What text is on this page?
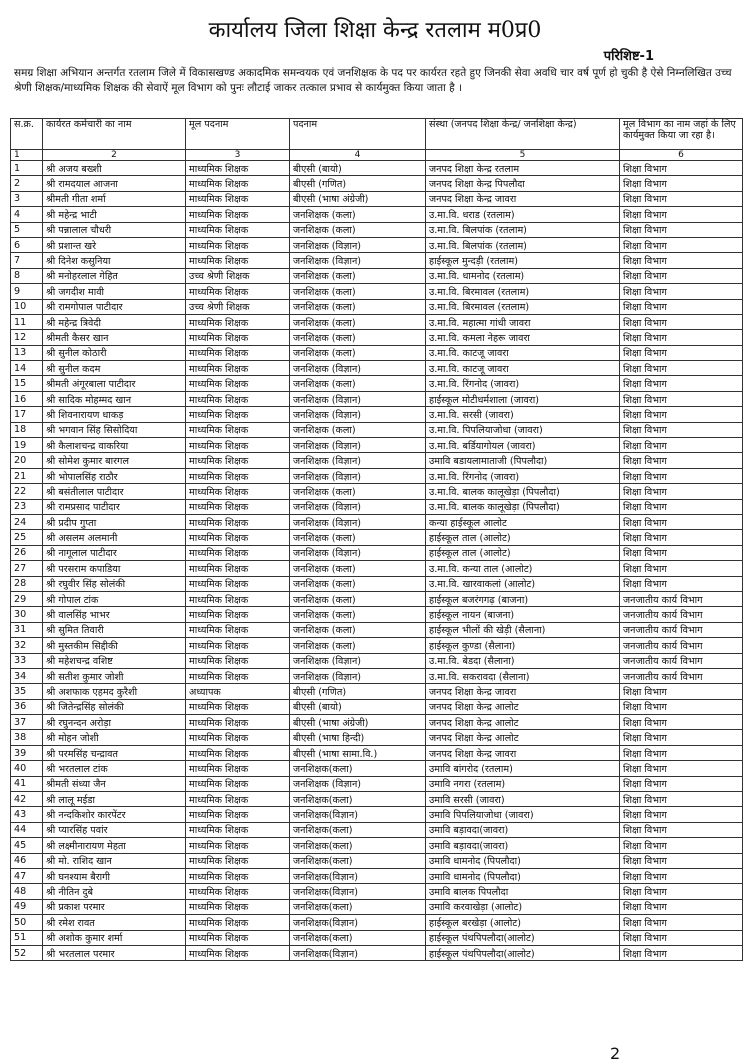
कार्यालय जिला शिक्षा केन्द्र रतलाम म0प्र0
परिशिष्ट-1
समग्र शिक्षा अभियान अन्तर्गत रतलाम जिले में विकासखण्ड अकादमिक समन्वयक एवं जनशिक्षक के पद पर कार्यरत रहते हुए जिनकी सेवा अवधि चार वर्ष पूर्ण हो चुकी है ऐसे निम्नलिखित उच्च श्रेणी शिक्षक/माध्यमिक शिक्षक की सेवाऐं मूल विभाग को पुनः लौटाई जाकर तत्काल प्रभाव से कार्यमुक्त किया जाता है ।
स.क्र.	कार्यरत कर्मचारी का नाम	मूल पदनाम	पदनाम	संस्था (जनपद शिक्षा केन्द्र/ जनशिक्षा केन्द्र)	मूल विभाग का नाम जहां के लिए कार्यमुक्त किया जा रहा है।
1	2	3	4	5	6
1	श्री अजय बख्शी	माध्यमिक शिक्षक	बीएसी (बायो)	जनपद शिक्षा केन्द्र रतलाम	शिक्षा विभाग
2	श्री रामदयाल आजना	माध्यमिक शिक्षक	बीएसी (गणित)	जनपद शिक्षा केन्द्र पिपलौदा	शिक्षा विभाग
3	श्रीमती गीता शर्मा	माध्यमिक शिक्षक	बीएसी (भाषा अंग्रेजी)	जनपद शिक्षा केन्द्र जावरा	शिक्षा विभाग
4	श्री महेन्द्र भाटी	माध्यमिक शिक्षक	जनशिक्षक (कला)	उ.मा.वि. धराड (रतलाम)	शिक्षा विभाग
5	श्री पन्नालाल चौधरी	माध्यमिक शिक्षक	जनशिक्षक (कला)	उ.मा.वि. बिलपांक (रतलाम)	शिक्षा विभाग
6	श्री प्रशान्त खरे	माध्यमिक शिक्षक	जनशिक्षक (विज्ञान)	उ.मा.वि. बिलपांक (रतलाम)	शिक्षा विभाग
7	श्री दिनेश कसुनिया	माध्यमिक शिक्षक	जनशिक्षक (विज्ञान)	हाईस्कूल मुन्दड़ी (रतलाम)	शिक्षा विभाग
8	श्री मनोहरलाल गेहित	उच्च श्रेणी शिक्षक	जनशिक्षक (कला)	उ.मा.वि. धामनोद (रतलाम)	शिक्षा विभाग
9	श्री जगदीश मावी	माध्यमिक शिक्षक	जनशिक्षक (कला)	उ.मा.वि. बिरमावल (रतलाम)	शिक्षा विभाग
10	श्री रामगोपाल पाटीदार	उच्च श्रेणी शिक्षक	जनशिक्षक (कला)	उ.मा.वि. बिरमावल (रतलाम)	शिक्षा विभाग
11	श्री महेन्द्र त्रिवेदी	माध्यमिक शिक्षक	जनशिक्षक (कला)	उ.मा.वि. महात्मा गांधी जावरा	शिक्षा विभाग
12	श्रीमती कैसर खान	माध्यमिक शिक्षक	जनशिक्षक (कला)	उ.मा.वि. कमला नेहरू जावरा	शिक्षा विभाग
13	श्री सुनील कोठारी	माध्यमिक शिक्षक	जनशिक्षक (कला)	उ.मा.वि. काटजू जावरा	शिक्षा विभाग
14	श्री सुनील कदम	माध्यमिक शिक्षक	जनशिक्षक (विज्ञान)	उ.मा.वि. काटजू जावरा	शिक्षा विभाग
15	श्रीमती अंगूरबाला पाटीदार	माध्यमिक शिक्षक	जनशिक्षक (कला)	उ.मा.वि. रिंगनोद (जावरा)	शिक्षा विभाग
16	श्री सादिक मोहम्मद खान	माध्यमिक शिक्षक	जनशिक्षक (विज्ञान)	हाईस्कूल मोटीधर्मशाला (जावरा)	शिक्षा विभाग
17	श्री शिवनारायण धाकड़	माध्यमिक शिक्षक	जनशिक्षक (विज्ञान)	उ.मा.वि. सरसी (जावरा)	शिक्षा विभाग
18	श्री भगवान सिंह सिसोदिया	माध्यमिक शिक्षक	जनशिक्षक (कला)	उ.मा.वि. पिपलियाजोधा (जावरा)	शिक्षा विभाग
19	श्री कैलाशचन्द्र वाकरिया	माध्यमिक शिक्षक	जनशिक्षक (विज्ञान)	उ.मा.वि. बर्डियागोयल (जावरा)	शिक्षा विभाग
20	श्री सोमेश कुमार बारगल	माध्यमिक शिक्षक	जनशिक्षक (विज्ञान)	उमावि बडायलामाताजी (पिपलौदा)	शिक्षा विभाग
21	श्री भोपालसिंह राठौर	माध्यमिक शिक्षक	जनशिक्षक (विज्ञान)	उ.मा.वि. रिंगनोद (जावरा)	शिक्षा विभाग
22	श्री बसंतीलाल पाटीदार	माध्यमिक शिक्षक	जनशिक्षक (कला)	उ.मा.वि. बालक कालूखेड़ा (पिपलौदा)	शिक्षा विभाग
23	श्री रामप्रसाद पाटीदार	माध्यमिक शिक्षक	जनशिक्षक (विज्ञान)	उ.मा.वि. बालक कालूखेड़ा (पिपलौदा)	शिक्षा विभाग
24	श्री प्रदीप गुप्ता	माध्यमिक शिक्षक	जनशिक्षक (विज्ञान)	कन्या हाईस्कूल आलोट	शिक्षा विभाग
25	श्री असलम अलमानी	माध्यमिक शिक्षक	जनशिक्षक (कला)	हाईस्कूल ताल (आलोट)	शिक्षा विभाग
26	श्री नागूलाल पाटीदार	माध्यमिक शिक्षक	जनशिक्षक (विज्ञान)	हाईस्कूल ताल (आलोट)	शिक्षा विभाग
27	श्री परसराम कपाडिया	माध्यमिक शिक्षक	जनशिक्षक (कला)	उ.मा.वि. कन्या ताल (आलोट)	शिक्षा विभाग
28	श्री रघुवीर सिंह सोलंकी	माध्यमिक शिक्षक	जनशिक्षक (कला)	उ.मा.वि. खारवाकलां (आलोट)	शिक्षा विभाग
29	श्री गोपाल टांक	माध्यमिक शिक्षक	जनशिक्षक (कला)	हाईस्कूल बजरंगगढ़ (बाजना)	जनजातीय कार्य विभाग
30	श्री वालसिंह भाभर	माध्यमिक शिक्षक	जनशिक्षक (कला)	हाईस्कूल नायन (बाजना)	जनजातीय कार्य विभाग
31	श्री सुमित तिवारी	माध्यमिक शिक्षक	जनशिक्षक (कला)	हाईस्कूल भीलों की खेड़ी (सैलाना)	जनजातीय कार्य विभाग
32	श्री मुस्तकीम सिद्दीकी	माध्यमिक शिक्षक	जनशिक्षक (कला)	हाईस्कूल कुण्डा (सैलाना)	जनजातीय कार्य विभाग
33	श्री महेशचन्द्र वशिष्ट	माध्यमिक शिक्षक	जनशिक्षक (विज्ञान)	उ.मा.वि. बेडदा (सैलाना)	जनजातीय कार्य विभाग
34	श्री सतीश कुमार जोशी	माध्यमिक शिक्षक	जनशिक्षक (विज्ञान)	उ.मा.वि. सकरावदा (सैलाना)	जनजातीय कार्य विभाग
35	श्री अशफाक एहमद कुरैशी	अध्यापक	बीएसी (गणित)	जनपद शिक्षा केन्द्र जावरा	शिक्षा विभाग
36	श्री जितेन्द्रसिंह सोलंकी	माध्यमिक शिक्षक	बीएसी (बायो)	जनपद शिक्षा केन्द्र आलोट	शिक्षा विभाग
37	श्री रघुनन्दन अरोड़ा	माध्यमिक शिक्षक	बीएसी (भाषा अंग्रेजी)	जनपद शिक्षा केन्द्र आलोट	शिक्षा विभाग
38	श्री मोहन जोशी	माध्यमिक शिक्षक	बीएसी (भाषा हिन्दी)	जनपद शिक्षा केन्द्र आलोट	शिक्षा विभाग
39	श्री परमसिंह चन्द्रावत	माध्यमिक शिक्षक	बीएसी (भाषा सामा.वि.)	जनपद शिक्षा केन्द्र जावरा	शिक्षा विभाग
40	श्री भरतलाल टांक	माध्यमिक शिक्षक	जनशिक्षक(कला)	उमावि बांगरोद (रतलाम)	शिक्षा विभाग
41	श्रीमती संध्या जैन	माध्यमिक शिक्षक	जनशिक्षक (विज्ञान)	उमावि नगरा (रतलाम)	शिक्षा विभाग
42	श्री लालू मईडा	माध्यमिक शिक्षक	जनशिक्षक(कला)	उमावि सरसी (जावरा)	शिक्षा विभाग
43	श्री नन्दकिशोर कारपेंटर	माध्यमिक शिक्षक	जनशिक्षक(विज्ञान)	उमावि पिपलियाजोधा (जावरा)	शिक्षा विभाग
44	श्री प्यारसिंह पवांर	माध्यमिक शिक्षक	जनशिक्षक(कला)	उमावि बड़ावदा(जावरा)	शिक्षा विभाग
45	श्री लक्ष्मीनारायण मेहता	माध्यमिक शिक्षक	जनशिक्षक(कला)	उमावि बड़ावदा(जावरा)	शिक्षा विभाग
46	श्री मो. राशिद खान	माध्यमिक शिक्षक	जनशिक्षक(कला)	उमावि धामनोद (पिपलौदा)	शिक्षा विभाग
47	श्री घनश्याम बैरागी	माध्यमिक शिक्षक	जनशिक्षक(विज्ञान)	उमावि धामनोद (पिपलौदा)	शिक्षा विभाग
48	श्री नीतिन दुबे	माध्यमिक शिक्षक	जनशिक्षक(विज्ञान)	उमावि बालक पिपलौदा	शिक्षा विभाग
49	श्री प्रकाश परमार	माध्यमिक शिक्षक	जनशिक्षक(कला)	उमावि करवाखेड़ा (आलोट)	शिक्षा विभाग
50	श्री रमेश रावत	माध्यमिक शिक्षक	जनशिक्षक(विज्ञान)	हाईस्कूल बरखेड़ा (आलोट)	शिक्षा विभाग
51	श्री अशोक कुमार शर्मा	माध्यमिक शिक्षक	जनशिक्षक(कला)	हाईस्कूल पंथपिपलौदा(आलोट)	शिक्षा विभाग
52	श्री भरतलाल परमार	माध्यमिक शिक्षक	जनशिक्षक(विज्ञान)	हाईस्कूल पंथपिपलौदा(आलोट)	शिक्षा विभाग
2
